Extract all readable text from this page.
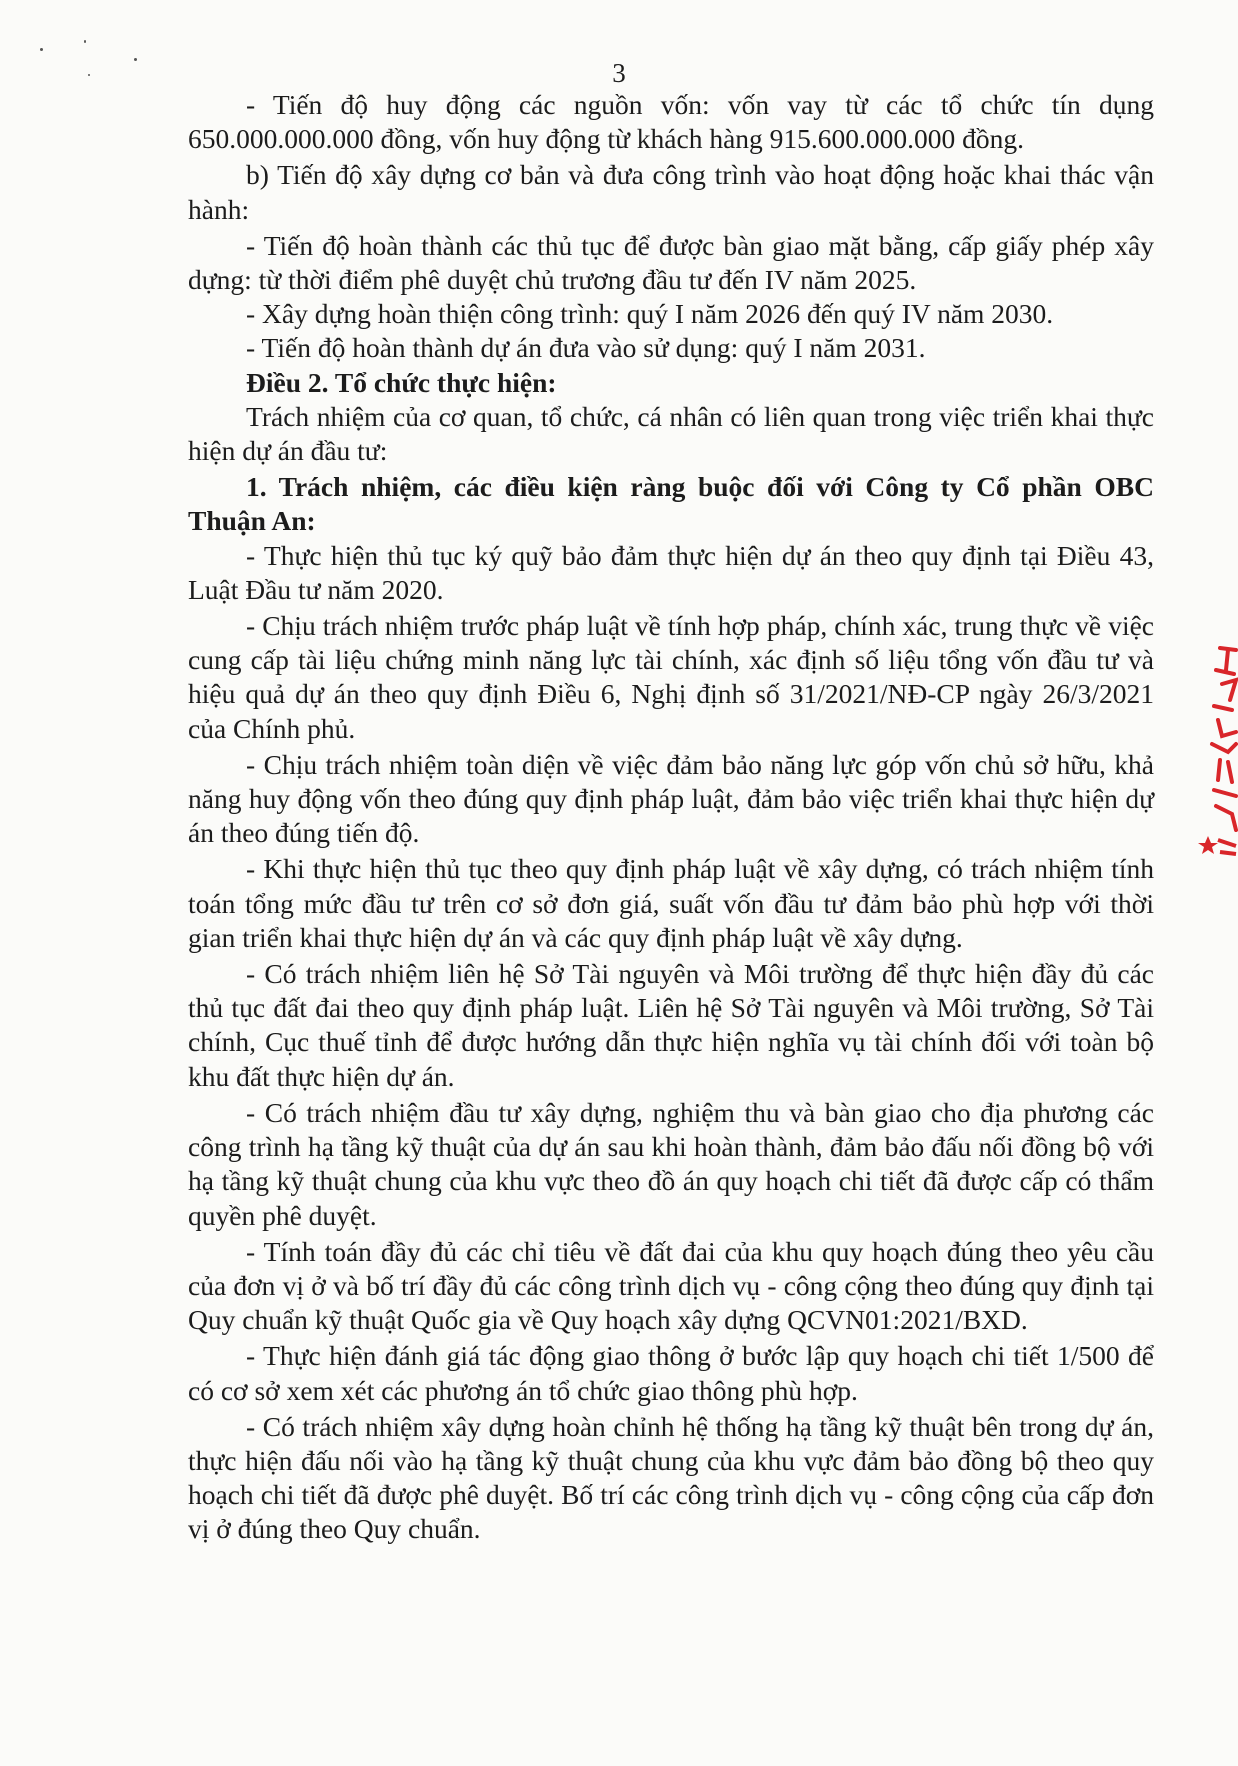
3

- Tiến độ huy động các nguồn vốn: vốn vay từ các tổ chức tín dụng 650.000.000.000 đồng, vốn huy động từ khách hàng 915.600.000.000 đồng.

b) Tiến độ xây dựng cơ bản và đưa công trình vào hoạt động hoặc khai thác vận hành:

- Tiến độ hoàn thành các thủ tục để được bàn giao mặt bằng, cấp giấy phép xây dựng: từ thời điểm phê duyệt chủ trương đầu tư đến IV năm 2025.

- Xây dựng hoàn thiện công trình: quý I năm 2026 đến quý IV năm 2030.

- Tiến độ hoàn thành dự án đưa vào sử dụng: quý I năm 2031.

Điều 2. Tổ chức thực hiện:

Trách nhiệm của cơ quan, tổ chức, cá nhân có liên quan trong việc triển khai thực hiện dự án đầu tư:

1. Trách nhiệm, các điều kiện ràng buộc đối với Công ty Cổ phần OBC Thuận An:

- Thực hiện thủ tục ký quỹ bảo đảm thực hiện dự án theo quy định tại Điều 43, Luật Đầu tư năm 2020.

- Chịu trách nhiệm trước pháp luật về tính hợp pháp, chính xác, trung thực về việc cung cấp tài liệu chứng minh năng lực tài chính, xác định số liệu tổng vốn đầu tư và hiệu quả dự án theo quy định Điều 6, Nghị định số 31/2021/NĐ-CP ngày 26/3/2021 của Chính phủ.

- Chịu trách nhiệm toàn diện về việc đảm bảo năng lực góp vốn chủ sở hữu, khả năng huy động vốn theo đúng quy định pháp luật, đảm bảo việc triển khai thực hiện dự án theo đúng tiến độ.

- Khi thực hiện thủ tục theo quy định pháp luật về xây dựng, có trách nhiệm tính toán tổng mức đầu tư trên cơ sở đơn giá, suất vốn đầu tư đảm bảo phù hợp với thời gian triển khai thực hiện dự án và các quy định pháp luật về xây dựng.

- Có trách nhiệm liên hệ Sở Tài nguyên và Môi trường để thực hiện đầy đủ các thủ tục đất đai theo quy định pháp luật. Liên hệ Sở Tài nguyên và Môi trường, Sở Tài chính, Cục thuế tỉnh để được hướng dẫn thực hiện nghĩa vụ tài chính đối với toàn bộ khu đất thực hiện dự án.

- Có trách nhiệm đầu tư xây dựng, nghiệm thu và bàn giao cho địa phương các công trình hạ tầng kỹ thuật của dự án sau khi hoàn thành, đảm bảo đấu nối đồng bộ với hạ tầng kỹ thuật chung của khu vực theo đồ án quy hoạch chi tiết đã được cấp có thẩm quyền phê duyệt.

- Tính toán đầy đủ các chỉ tiêu về đất đai của khu quy hoạch đúng theo yêu cầu của đơn vị ở và bố trí đầy đủ các công trình dịch vụ - công cộng theo đúng quy định tại Quy chuẩn kỹ thuật Quốc gia về Quy hoạch xây dựng QCVN01:2021/BXD.

- Thực hiện đánh giá tác động giao thông ở bước lập quy hoạch chi tiết 1/500 để có cơ sở xem xét các phương án tổ chức giao thông phù hợp.

- Có trách nhiệm xây dựng hoàn chỉnh hệ thống hạ tầng kỹ thuật bên trong dự án, thực hiện đấu nối vào hạ tầng kỹ thuật chung của khu vực đảm bảo đồng bộ theo quy hoạch chi tiết đã được phê duyệt. Bố trí các công trình dịch vụ - công cộng của cấp đơn vị ở đúng theo Quy chuẩn.
